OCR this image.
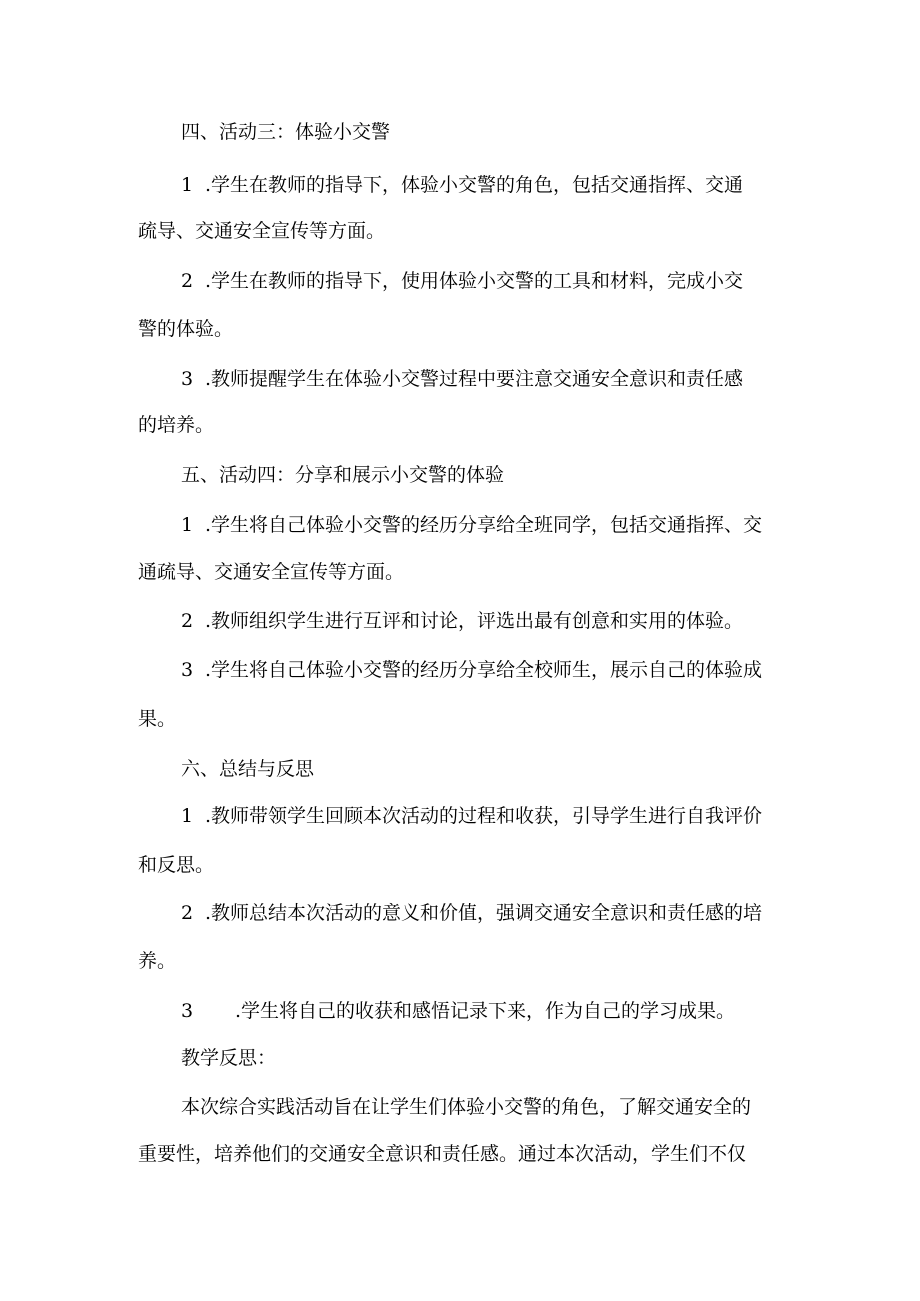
四、活动三：体验小交警
1 .学生在教师的指导下，体验小交警的角色，包括交通指挥、交通
疏导、交通安全宣传等方面。
2 .学生在教师的指导下，使用体验小交警的工具和材料，完成小交
警的体验。
3 .教师提醒学生在体验小交警过程中要注意交通安全意识和责任感
的培养。
五、活动四：分享和展示小交警的体验
1 .学生将自己体验小交警的经历分享给全班同学，包括交通指挥、交
通疏导、交通安全宣传等方面。
2 .教师组织学生进行互评和讨论，评选出最有创意和实用的体验。
3 .学生将自己体验小交警的经历分享给全校师生，展示自己的体验成
果。
六、总结与反思
1 .教师带领学生回顾本次活动的过程和收获，引导学生进行自我评价
和反思。
2 .教师总结本次活动的意义和价值，强调交通安全意识和责任感的培
养。
3 .学生将自己的收获和感悟记录下来，作为自己的学习成果。
教学反思：
本次综合实践活动旨在让学生们体验小交警的角色，了解交通安全的
重要性，培养他们的交通安全意识和责任感。通过本次活动，学生们不仅
